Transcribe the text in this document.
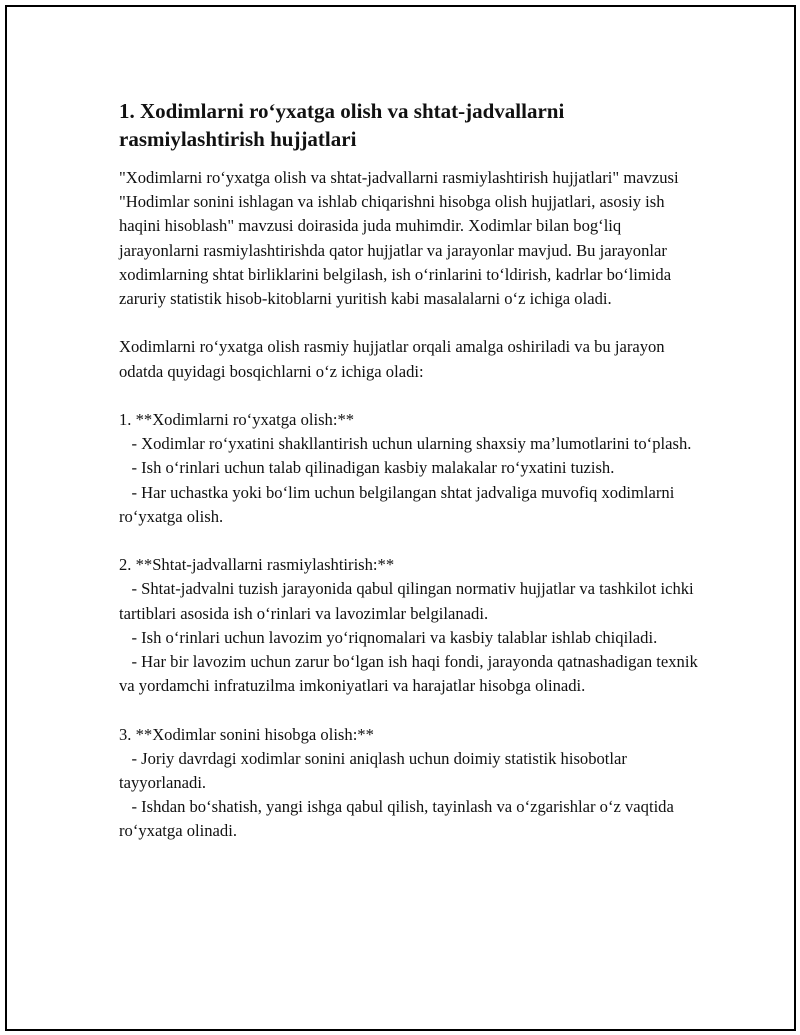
1. Xodimlarni ro‘yxatga olish va shtat-jadvallarni rasmiylashtirish hujjatlari

"Xodimlarni ro‘yxatga olish va shtat-jadvallarni rasmiylashtirish hujjatlari" mavzusi "Hodimlar sonini ishlagan va ishlab chiqarishni hisobga olish hujjatlari, asosiy ish haqini hisoblash" mavzusi doirasida juda muhimdir. Xodimlar bilan bog‘liq jarayonlarni rasmiylashtirishda qator hujjatlar va jarayonlar mavjud. Bu jarayonlar xodimlarning shtat birliklarini belgilash, ish o‘rinlarini to‘ldirish, kadrlar bo‘limida zaruriy statistik hisob-kitoblarni yuritish kabi masalalarni o‘z ichiga oladi.

Xodimlarni ro‘yxatga olish rasmiy hujjatlar orqali amalga oshiriladi va bu jarayon odatda quyidagi bosqichlarni o‘z ichiga oladi:

1. **Xodimlarni ro‘yxatga olish:**

- Xodimlar ro‘yxatini shakllantirish uchun ularning shaxsiy ma’lumotlarini to‘plash.

- Ish o‘rinlari uchun talab qilinadigan kasbiy malakalar ro‘yxatini tuzish.

- Har uchastka yoki bo‘lim uchun belgilangan shtat jadvaliga muvofiq xodimlarni ro‘yxatga olish.

2. **Shtat-jadvallarni rasmiylashtirish:**

- Shtat-jadvalni tuzish jarayonida qabul qilingan normativ hujjatlar va tashkilot ichki tartiblari asosida ish o‘rinlari va lavozimlar belgilanadi.

- Ish o‘rinlari uchun lavozim yo‘riqnomalari va kasbiy talablar ishlab chiqiladi.

- Har bir lavozim uchun zarur bo‘lgan ish haqi fondi, jarayonda qatnashadigan texnik va yordamchi infratuzilma imkoniyatlari va harajatlar hisobga olinadi.

3. **Xodimlar sonini hisobga olish:**

- Joriy davrdagi xodimlar sonini aniqlash uchun doimiy statistik hisobotlar tayyorlanadi.

- Ishdan bo‘shatish, yangi ishga qabul qilish, tayinlash va o‘zgarishlar o‘z vaqtida ro‘yxatga olinadi.
